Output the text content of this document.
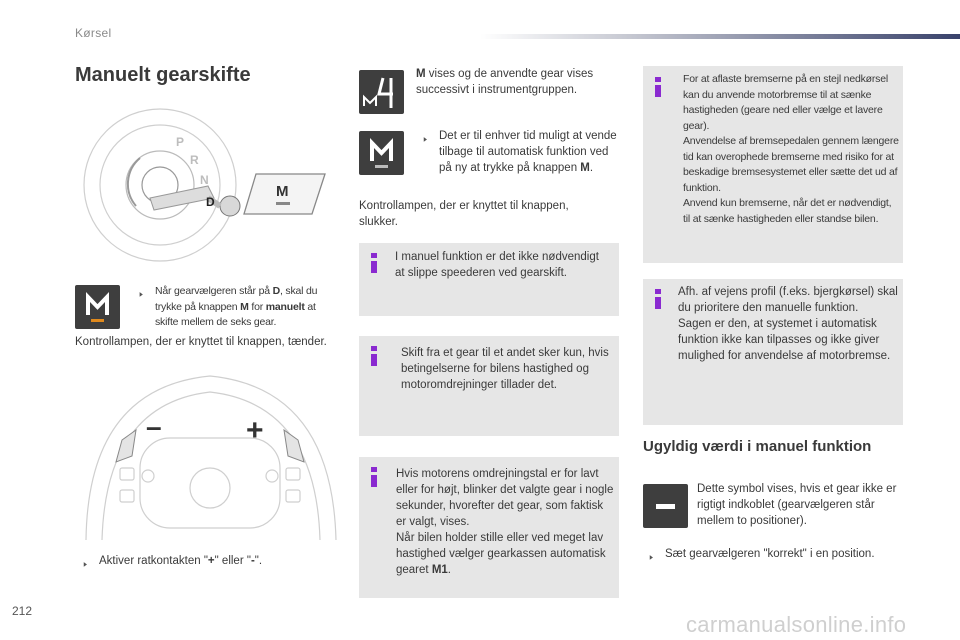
Kørsel
Manuelt gearskifte
P
R
N
D
M
▶ Når gearvælgeren står på D, skal du trykke på knappen M for manuelt at skifte mellem de seks gear.
Kontrollampen, der er knyttet til knappen, tænder.
–	+
▶ Aktiver ratkontakten "+" eller "-".
M vises og de anvendte gear vises successivt i instrumentgruppen.
▶ Det er til enhver tid muligt at vende tilbage til automatisk funktion ved på ny at trykke på knappen M.
Kontrollampen, der er knyttet til knappen, slukker.
I manuel funktion er det ikke nødvendigt at slippe speederen ved gearskift.
Skift fra et gear til et andet sker kun, hvis betingelserne for bilens hastighed og motoromdrejninger tillader det.
Hvis motorens omdrejningstal er for lavt eller for højt, blinker det valgte gear i nogle sekunder, hvorefter det gear, som faktisk er valgt, vises.
Når bilen holder stille eller ved meget lav hastighed vælger gearkassen automatisk gearet M1.
For at aflaste bremserne på en stejl nedkørsel kan du anvende motorbremse til at sænke hastigheden (geare ned eller vælge et lavere gear).
Anvendelse af bremsepedalen gennem længere tid kan overophede bremserne med risiko for at beskadige bremsesystemet eller sætte det ud af funktion.
Anvend kun bremserne, når det er nødvendigt, til at sænke hastigheden eller standse bilen.
Afh. af vejens profil (f.eks. bjergkørsel) skal du prioritere den manuelle funktion.
Sagen er den, at systemet i automatisk funktion ikke kan tilpasses og ikke giver mulighed for anvendelse af motorbremse.
Ugyldig værdi i manuel funktion
Dette symbol vises, hvis et gear ikke er rigtigt indkoblet (gearvælgeren står mellem to positioner).
▶ Sæt gearvælgeren "korrekt" i en position.
212
carmanualsonline.info
